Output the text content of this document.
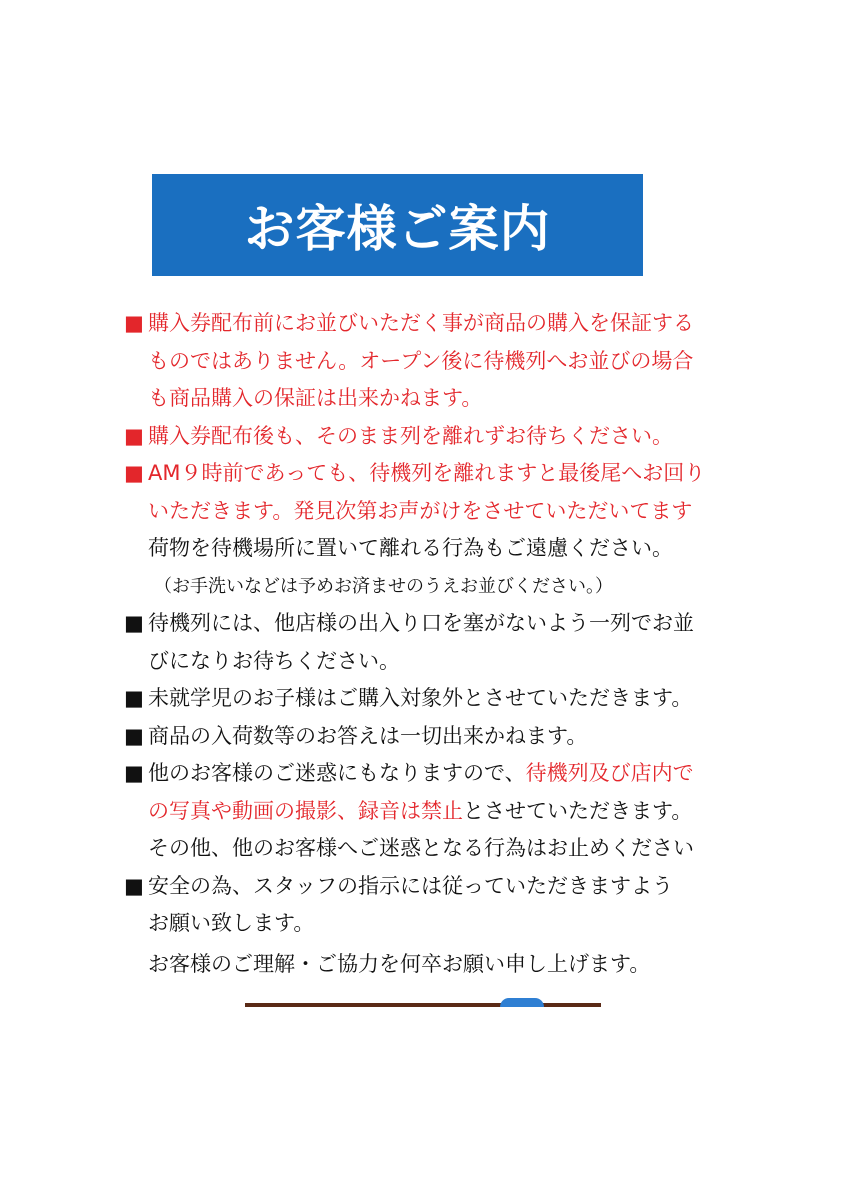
お客様ご案内
■ 購入券配布前にお並びいただく事が商品の購入を保証する
ものではありません。オープン後に待機列へお並びの場合
も商品購入の保証は出来かねます。
■ 購入券配布後も、そのまま列を離れずお待ちください。
■ AM９時前であっても、待機列を離れますと最後尾へお回り
いただきます。発見次第お声がけをさせていただいてます
荷物を待機場所に置いて離れる行為もご遠慮ください。
（お手洗いなどは予めお済ませのうえお並びください。）
■ 待機列には、他店様の出入り口を塞がないよう一列でお並
びになりお待ちください。
■ 未就学児のお子様はご購入対象外とさせていただきます。
■ 商品の入荷数等のお答えは一切出来かねます。
■ 他のお客様のご迷惑にもなりますので、待機列及び店内で
の写真や動画の撮影、録音は禁止とさせていただきます。
その他、他のお客様へご迷惑となる行為はお止めください
■ 安全の為、スタッフの指示には従っていただきますよう
お願い致します。
お客様のご理解・ご協力を何卒お願い申し上げます。
